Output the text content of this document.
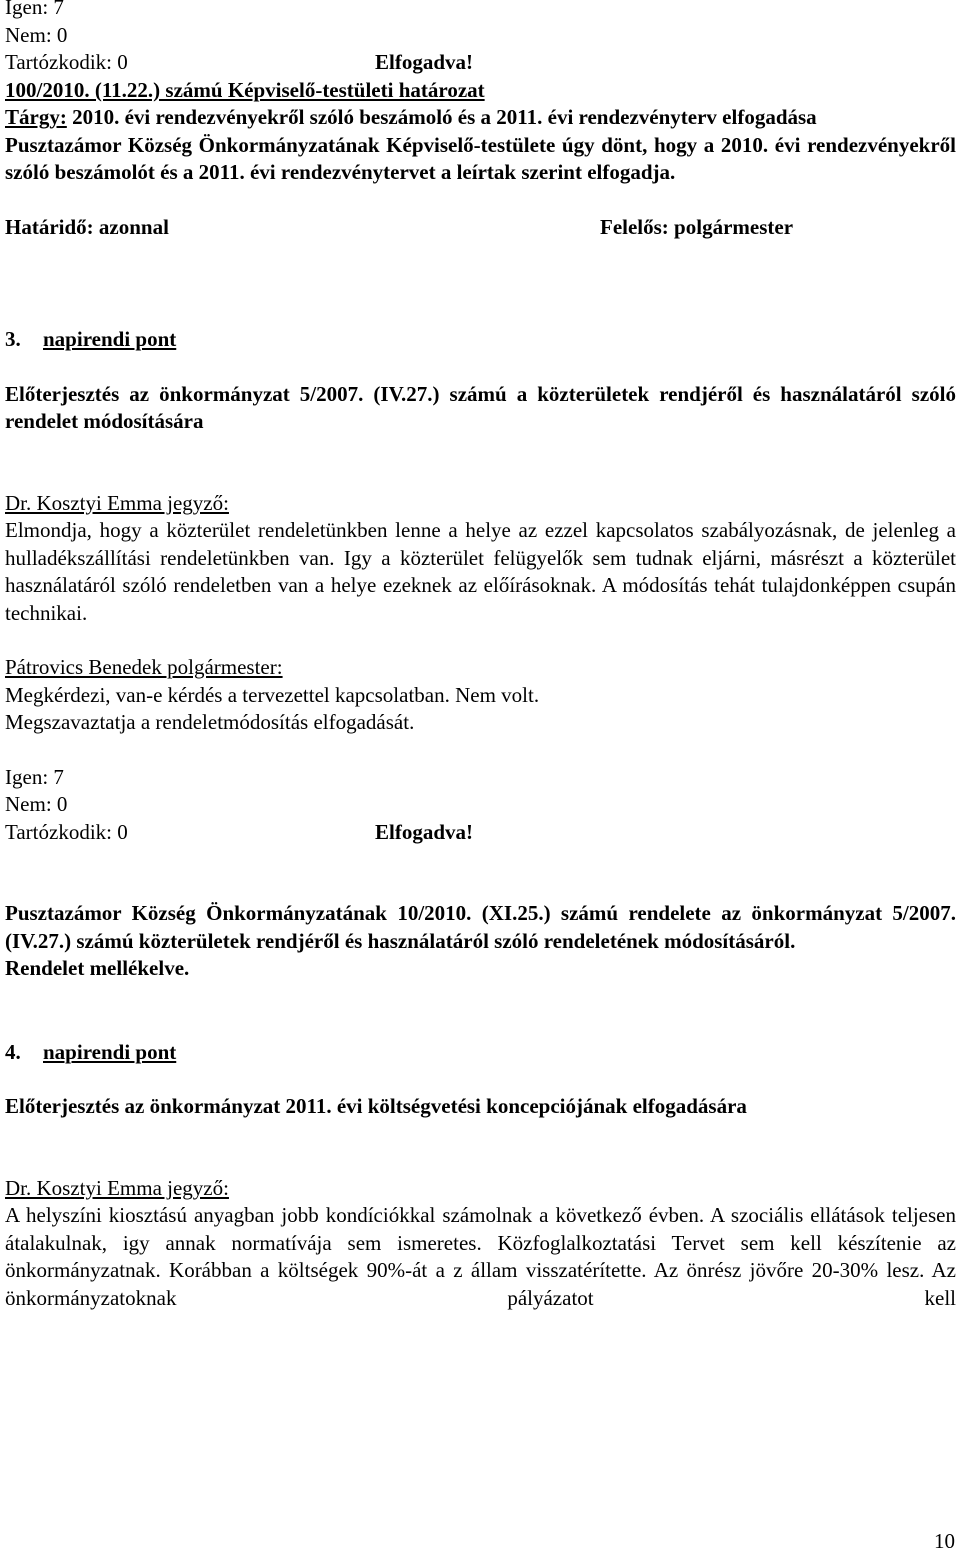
Igen: 7

Nem: 0

Tartózkodik: 0	Elfogadva!

100/2010. (11.22.) számú Képviselő-testületi határozat

Tárgy: 2010. évi rendezvényekről szóló beszámoló és a 2011. évi rendezvényterv elfogadása

Pusztazámor Község Önkormányzatának Képviselő-testülete úgy dönt, hogy a 2010. évi rendezvényekről szóló beszámolót és a 2011. évi rendezvénytervet a leírtak szerint elfogadja.

Határidő: azonnal	Felelős: polgármester

3. napirendi pont

Előterjesztés az önkormányzat 5/2007. (IV.27.) számú a közterületek rendjéről és használatáról szóló rendelet módosítására

Dr. Kosztyi Emma jegyző:

Elmondja, hogy a közterület rendeletünkben lenne a helye az ezzel kapcsolatos szabályozásnak, de jelenleg a hulladékszállítási rendeletünkben van. Igy a közterület felügyelők sem tudnak eljárni, másrészt a közterület használatáról szóló rendeletben van a helye ezeknek az előírásoknak. A módosítás tehát tulajdonképpen csupán technikai.

Pátrovics Benedek polgármester:

Megkérdezi, van-e kérdés a tervezettel kapcsolatban. Nem volt.

Megszavaztatja a rendeletmódosítás elfogadását.

Igen: 7

Nem: 0

Tartózkodik: 0	Elfogadva!

Pusztazámor Község Önkormányzatának 10/2010. (XI.25.) számú rendelete az önkormányzat 5/2007. (IV.27.) számú közterületek rendjéről és használatáról szóló rendeletének módosításáról.

Rendelet mellékelve.

4. napirendi pont

Előterjesztés az önkormányzat 2011. évi költségvetési koncepciójának elfogadására

Dr. Kosztyi Emma jegyző:

A helyszíni kiosztású anyagban jobb kondíciókkal számolnak a következő évben. A szociális ellátások teljesen átalakulnak, igy annak normatívája sem ismeretes. Közfoglalkoztatási Tervet sem kell készítenie az önkormányzatnak. Korábban a költségek 90%-át a z állam visszatérítette. Az önrész jövőre 20-30% lesz. Az önkormányzatoknak pályázatot kell

10
